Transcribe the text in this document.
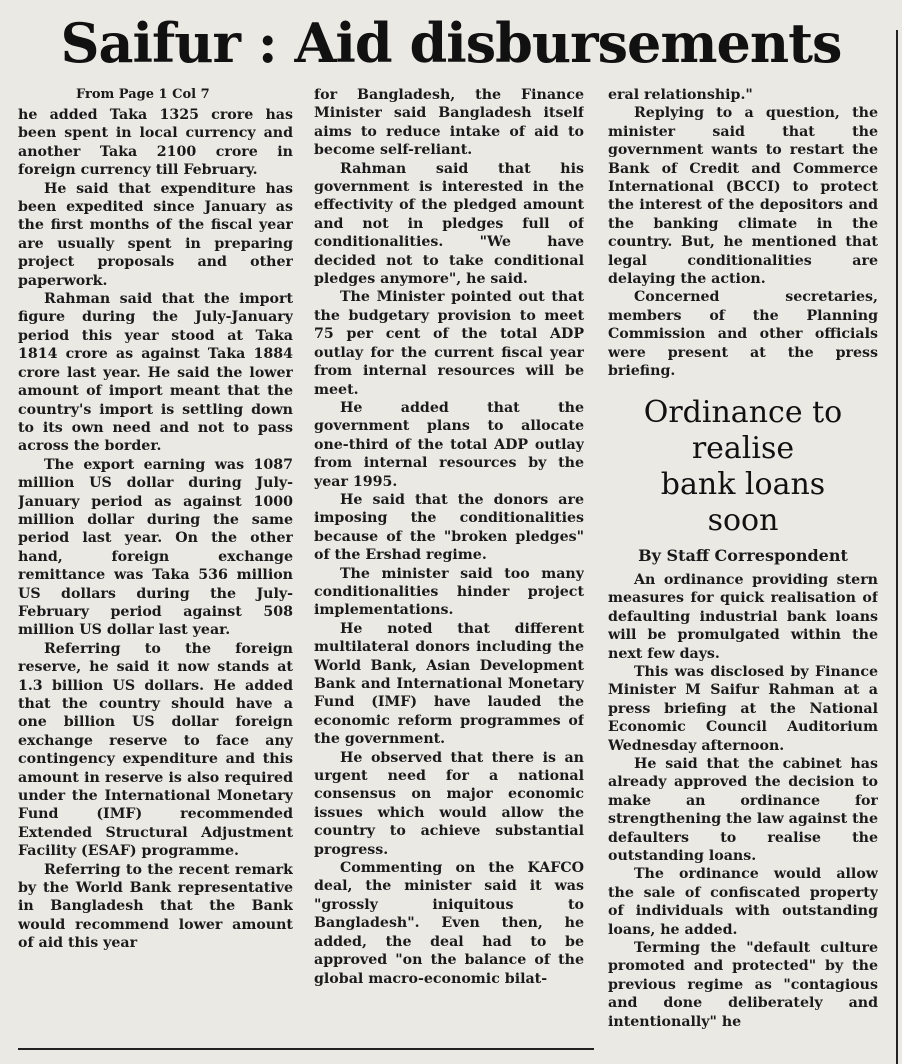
Saifur : Aid disbursements
From Page 1 Col 7

he added Taka 1325 crore has been spent in local currency and another Taka 2100 crore in foreign currency till February.

He said that expenditure has been expedited since January as the first months of the fiscal year are usually spent in preparing project proposals and other paperwork.

Rahman said that the import figure during the July-January period this year stood at Taka 1814 crore as against Taka 1884 crore last year. He said the lower amount of import meant that the country's import is settling down to its own need and not to pass across the border.

The export earning was 1087 million US dollar during July-January period as against 1000 million dollar during the same period last year. On the other hand, foreign exchange remittance was Taka 536 million US dollars during the July-February period against 508 million US dollar last year.

Referring to the foreign reserve, he said it now stands at 1.3 billion US dollars. He added that the country should have a one billion US dollar foreign exchange reserve to face any contingency expenditure and this amount in reserve is also required under the International Monetary Fund (IMF) recommended Extended Structural Adjustment Facility (ESAF) programme.

Referring to the recent remark by the World Bank representative in Bangladesh that the Bank would recommend lower amount of aid this year

for Bangladesh, the Finance Minister said Bangladesh itself aims to reduce intake of aid to become self-reliant.

Rahman said that his government is interested in the effectivity of the pledged amount and not in pledges full of conditionalities. "We have decided not to take conditional pledges anymore", he said.

The Minister pointed out that the budgetary provision to meet 75 per cent of the total ADP outlay for the current fiscal year from internal resources will be meet.

He added that the government plans to allocate one-third of the total ADP outlay from internal resources by the year 1995.

He said that the donors are imposing the conditionalities because of the "broken pledges" of the Ershad regime.

The minister said too many conditionalities hinder project implementations.

He noted that different multilateral donors including the World Bank, Asian Development Bank and International Monetary Fund (IMF) have lauded the economic reform programmes of the government.

He observed that there is an urgent need for a national consensus on major economic issues which would allow the country to achieve substantial progress.

Commenting on the KAFCO deal, the minister said it was "grossly iniquitous to Bangladesh". Even then, he added, the deal had to be approved "on the balance of the global macro-economic bilat-

eral relationship."

Replying to a question, the minister said that the government wants to restart the Bank of Credit and Commerce International (BCCI) to protect the interest of the depositors and the banking climate in the country. But, he mentioned that legal conditionalities are delaying the action.

Concerned secretaries, members of the Planning Commission and other officials were present at the press briefing.

Ordinance to
realise
bank loans
soon
By Staff Correspondent

An ordinance providing stern measures for quick realisation of defaulting industrial bank loans will be promulgated within the next few days.

This was disclosed by Finance Minister M Saifur Rahman at a press briefing at the National Economic Council Auditorium Wednesday afternoon.

He said that the cabinet has already approved the decision to make an ordinance for strengthening the law against the defaulters to realise the outstanding loans.

The ordinance would allow the sale of confiscated property of individuals with outstanding loans, he added.

Terming the "default culture promoted and protected" by the previous regime as "contagious and done deliberately and intentionally" he
